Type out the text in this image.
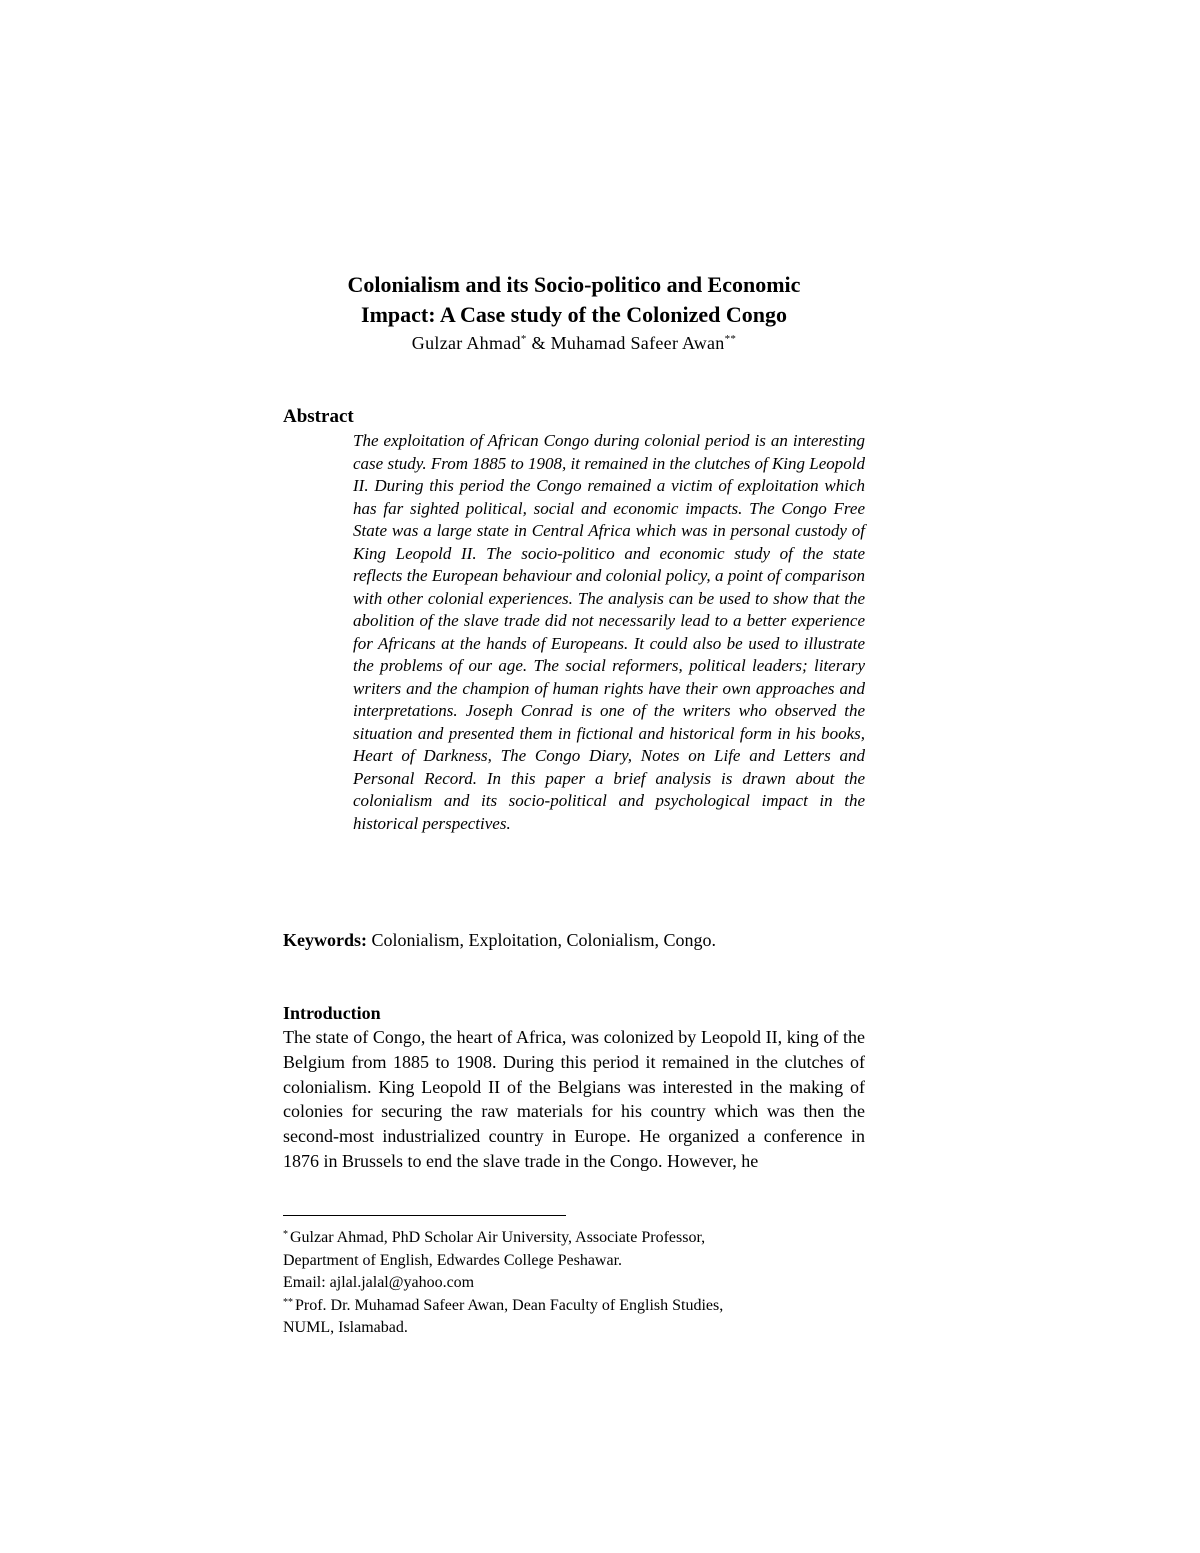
Colonialism and its Socio-politico and Economic
Impact: A Case study of the Colonized Congo
Gulzar Ahmad* & Muhamad Safeer Awan**
Abstract

The exploitation of African Congo during colonial period is an interesting case study. From 1885 to 1908, it remained in the clutches of King Leopold II. During this period the Congo remained a victim of exploitation which has far sighted political, social and economic impacts. The Congo Free State was a large state in Central Africa which was in personal custody of King Leopold II. The socio-politico and economic study of the state reflects the European behaviour and colonial policy, a point of comparison with other colonial experiences. The analysis can be used to show that the abolition of the slave trade did not necessarily lead to a better experience for Africans at the hands of Europeans. It could also be used to illustrate the problems of our age. The social reformers, political leaders; literary writers and the champion of human rights have their own approaches and interpretations. Joseph Conrad is one of the writers who observed the situation and presented them in fictional and historical form in his books, Heart of Darkness, The Congo Diary, Notes on Life and Letters and Personal Record. In this paper a brief analysis is drawn about the colonialism and its socio-political and psychological impact in the historical perspectives.

Keywords: Colonialism, Exploitation, Colonialism, Congo.

Introduction

The state of Congo, the heart of Africa, was colonized by Leopold II, king of the Belgium from 1885 to 1908. During this period it remained in the clutches of colonialism. King Leopold II of the Belgians was interested in the making of colonies for securing the raw materials for his country which was then the second-most industrialized country in Europe. He organized a conference in 1876 in Brussels to end the slave trade in the Congo. However, he

* Gulzar Ahmad, PhD Scholar Air University, Associate Professor,

Department of English, Edwardes College Peshawar.

Email: ajlal.jalal@yahoo.com

** Prof. Dr. Muhamad Safeer Awan, Dean Faculty of English Studies,

NUML, Islamabad.
